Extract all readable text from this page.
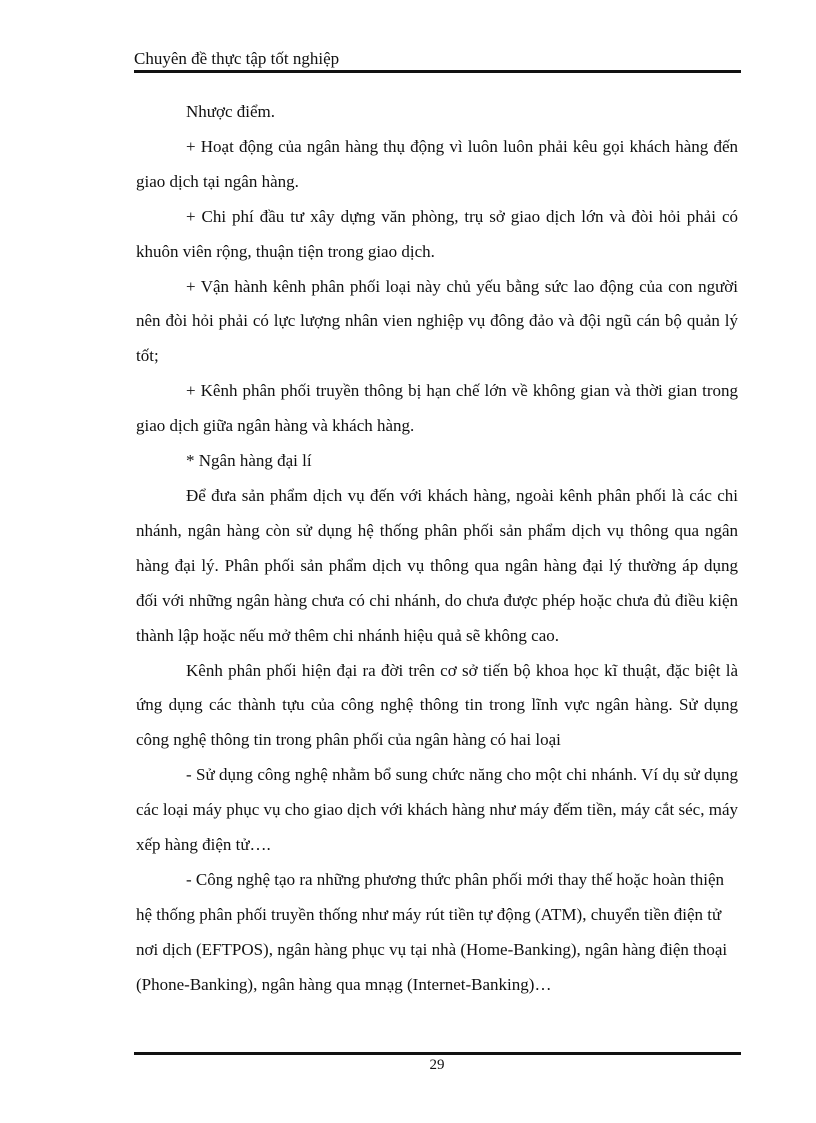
Chuyên đề thực tập tốt nghiệp

Nhược điểm.

+ Hoạt động của ngân hàng thụ động vì luôn luôn phải kêu gọi khách hàng đến giao dịch tại ngân hàng.

+ Chi phí đầu tư xây dựng văn phòng, trụ sở giao dịch lớn và đòi hỏi phải có khuôn viên rộng, thuận tiện trong giao dịch.

+ Vận hành kênh phân phối loại này chủ yếu bằng sức lao động của con người nên đòi hỏi phải có lực lượng nhân vien nghiệp vụ đông đảo và đội ngũ cán bộ quản lý tốt;

+ Kênh phân phối truyền thông bị hạn chế lớn về không gian và thời gian trong giao dịch giữa ngân hàng và khách hàng.

* Ngân hàng đại lí

Để đưa sản phẩm dịch vụ đến với khách hàng, ngoài kênh phân phối là các chi nhánh, ngân hàng còn sử dụng hệ thống phân phối sản phẩm dịch vụ thông qua ngân hàng đại lý. Phân phối sản phẩm dịch vụ thông qua ngân hàng đại lý thường áp dụng đối với những ngân hàng chưa có chi nhánh, do chưa được phép hoặc chưa đủ điều kiện thành lập hoặc nếu mở thêm chi nhánh hiệu quả sẽ không cao.

Kênh phân phối hiện đại ra đời trên cơ sở tiến bộ khoa học kĩ thuật, đặc biệt là ứng dụng các thành tựu của công nghệ thông tin trong lĩnh vực ngân hàng. Sử dụng công nghệ thông tin trong phân phối của ngân hàng có hai loại

- Sử dụng công nghệ nhằm bổ sung chức năng cho một chi nhánh. Ví dụ sử dụng các loại máy phục vụ cho giao dịch với khách hàng như máy đếm tiền, máy cắt séc, máy xếp hàng điện tử….

- Công nghệ tạo ra những phương thức phân phối mới thay thế hoặc hoàn thiện hệ thống phân phối truyền thống như máy rút tiền tự động (ATM), chuyển tiền điện tử nơi dịch (EFTPOS), ngân hàng phục vụ tại nhà (Home-Banking), ngân hàng điện thoại (Phone-Banking), ngân hàng qua mnạg (Internet-Banking)…

29
